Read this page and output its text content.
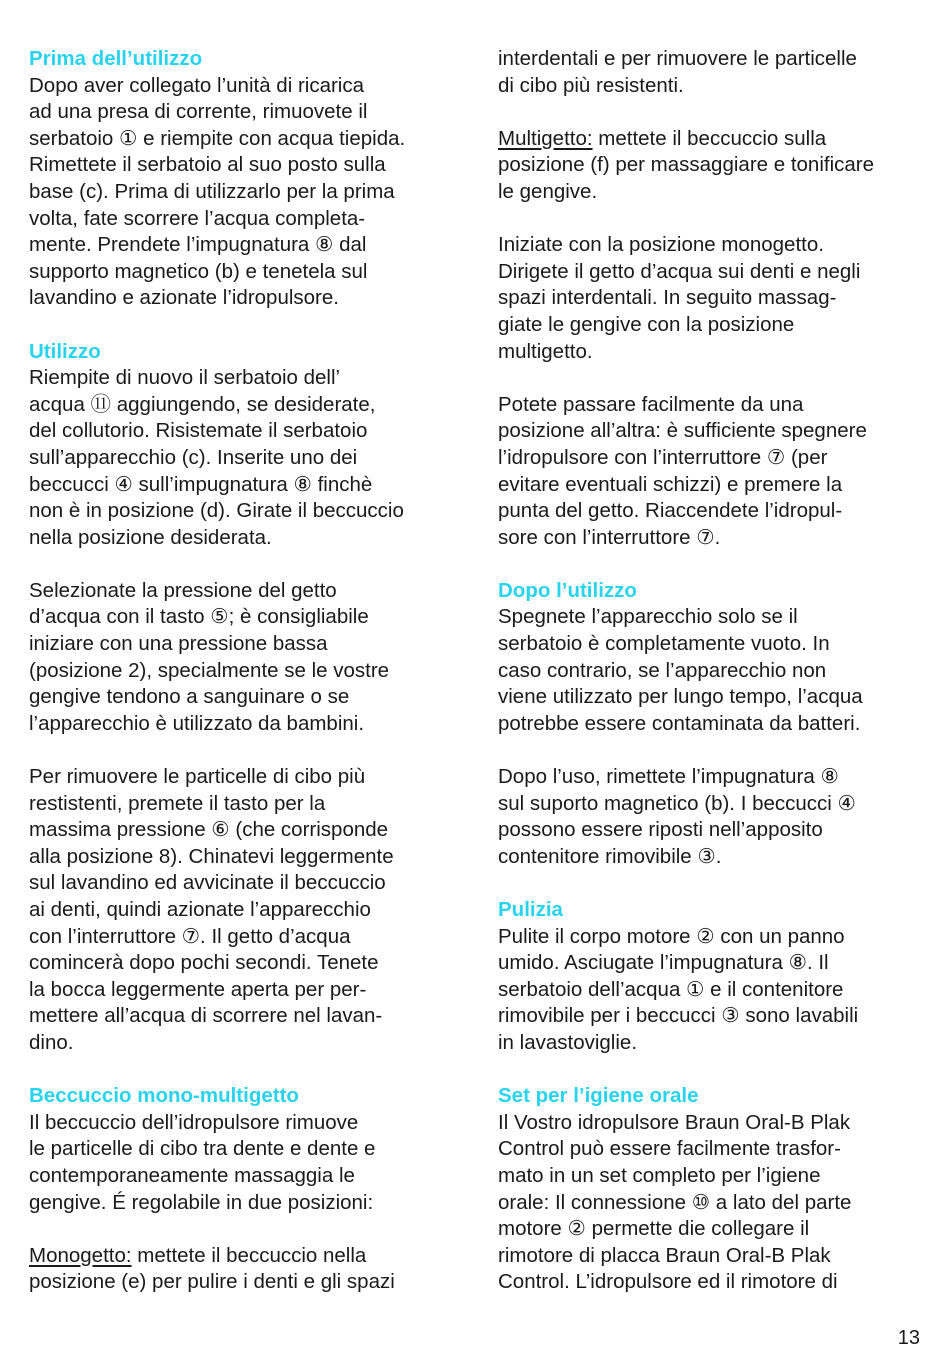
Prima dell’utilizzo

Dopo aver collegato l’unità di ricarica
ad una presa di corrente, rimuovete il
serbatoio ① e riempite con acqua tiepida.
Rimettete il serbatoio al suo posto sulla
base (c). Prima di utilizzarlo per la prima
volta, fate scorrere l’acqua completa-
mente. Prendete l’impugnatura ⑧ dal
supporto magnetico (b) e tenetela sul
lavandino e azionate l’idropulsore.

Utilizzo

Riempite di nuovo il serbatoio dell’
acqua ⑪ aggiungendo, se desiderate,
del collutorio. Risistemate il serbatoio
sull’apparecchio (c). Inserite uno dei
beccucci ④ sull’impugnatura ⑧ finchè
non è in posizione (d). Girate il beccuccio
nella posizione desiderata.

Selezionate la pressione del getto
d’acqua con il tasto ⑤; è consigliabile
iniziare con una pressione bassa
(posizione 2), specialmente se le vostre
gengive tendono a sanguinare o se
l’apparecchio è utilizzato da bambini.

Per rimuovere le particelle di cibo più
restistenti, premete il tasto per la
massima pressione ⑥ (che corrisponde
alla posizione 8). Chinatevi leggermente
sul lavandino ed avvicinate il beccuccio
ai denti, quindi azionate l’apparecchio
con l’interruttore ⑦. Il getto d’acqua
comincerà dopo pochi secondi. Tenete
la bocca leggermente aperta per per-
mettere all’acqua di scorrere nel lavan-
dino.

Beccuccio mono-multigetto

Il beccuccio dell’idropulsore rimuove
le particelle di cibo tra dente e dente e
contemporaneamente massaggia le
gengive. É regolabile in due posizioni:

Monogetto: mettete il beccuccio nella
posizione (e) per pulire i denti e gli spazi

interdentali e per rimuovere le particelle
di cibo più resistenti.

Multigetto: mettete il beccuccio sulla
posizione (f) per massaggiare e tonificare
le gengive.

Iniziate con la posizione monogetto.
Dirigete il getto d’acqua sui denti e negli
spazi interdentali. In seguito massag-
giate le gengive con la posizione
multigetto.

Potete passare facilmente da una
posizione all’altra: è sufficiente spegnere
l’idropulsore con l’interruttore ⑦ (per
evitare eventuali schizzi) e premere la
punta del getto. Riaccendete l’idropul-
sore con l’interruttore ⑦.

Dopo l’utilizzo

Spegnete l’apparecchio solo se il
serbatoio è completamente vuoto. In
caso contrario, se l’apparecchio non
viene utilizzato per lungo tempo, l’acqua
potrebbe essere contaminata da batteri.

Dopo l’uso, rimettete l’impugnatura ⑧
sul suporto magnetico (b). I beccucci ④
possono essere riposti nell’apposito
contenitore rimovibile ③.

Pulizia

Pulite il corpo motore ② con un panno
umido. Asciugate l’impugnatura ⑧. Il
serbatoio dell’acqua ① e il contenitore
rimovibile per i beccucci ③ sono lavabili
in lavastoviglie.

Set per l’igiene orale

Il Vostro idropulsore Braun Oral-B Plak
Control può essere facilmente trasfor-
mato in un set completo per l’igiene
orale: Il connessione ⑩ a lato del parte
motore ② permette die collegare il
rimotore di placca Braun Oral-B Plak
Control. L’idropulsore ed il rimotore di

13
